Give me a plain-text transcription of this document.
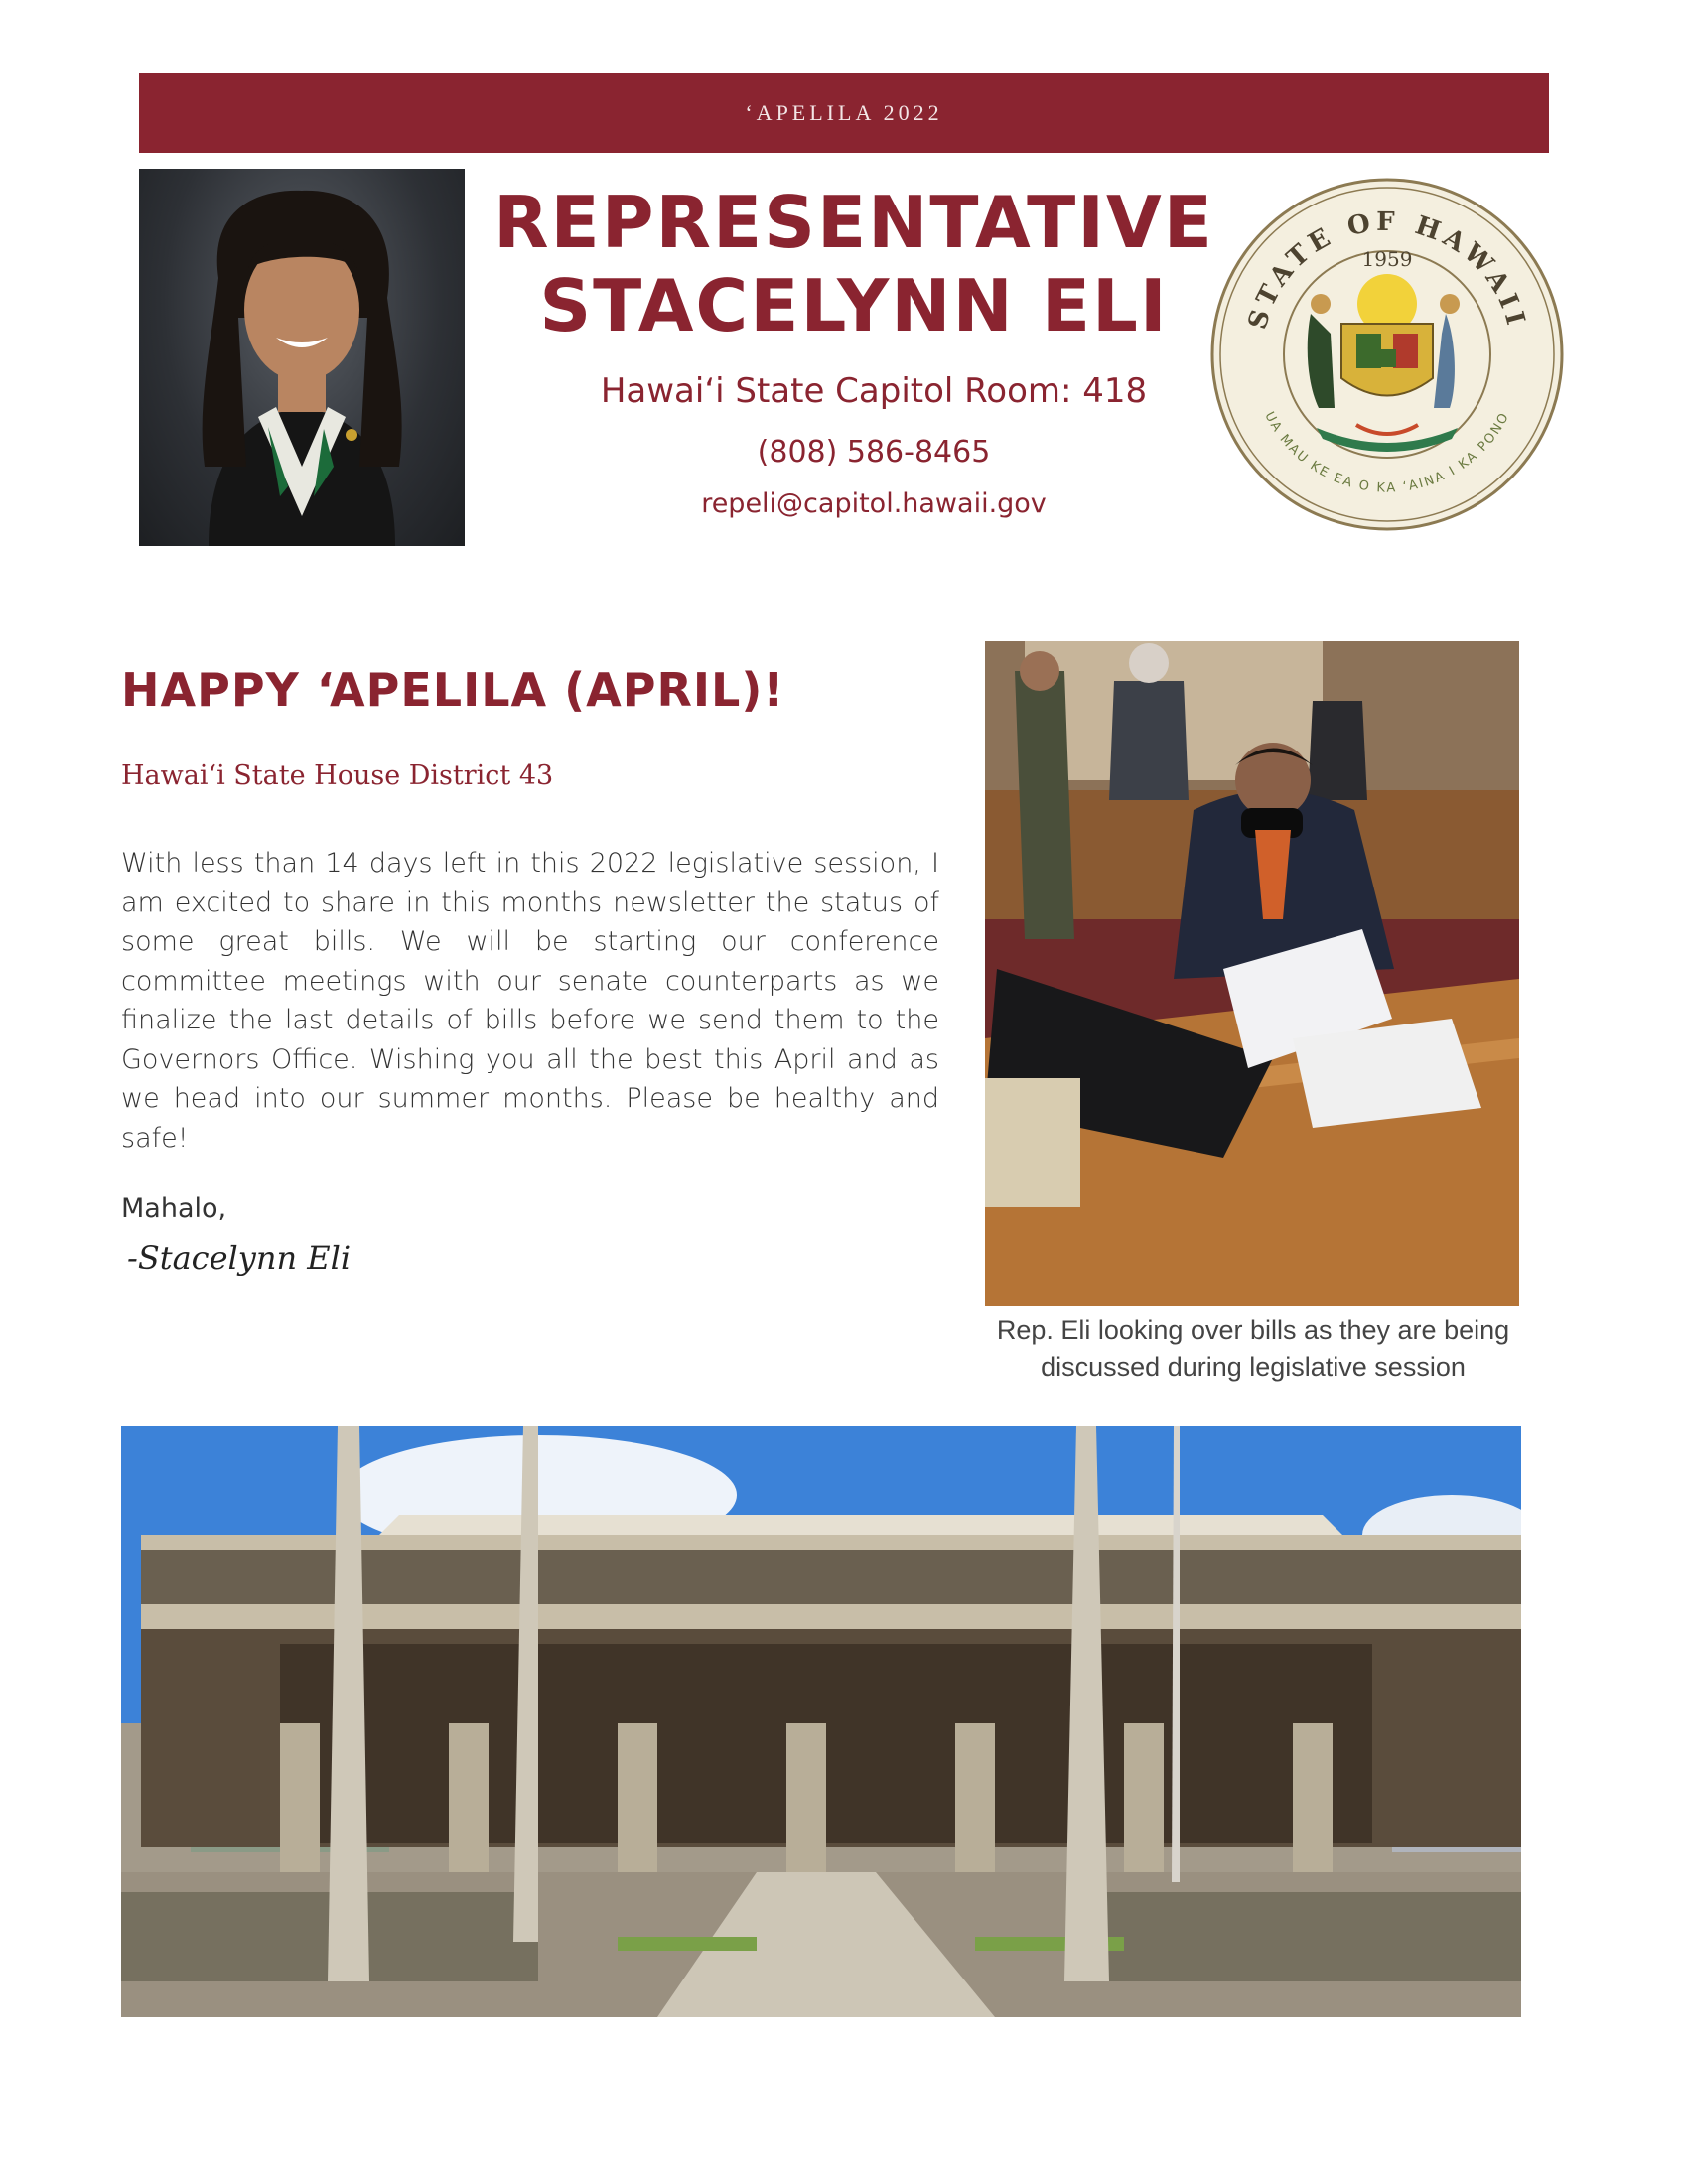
‘APELILA 2022
REPRESENTATIVE
STACELYNN ELI
Hawai‘i State Capitol Room: 418
(808) 586-8465
repeli@capitol.hawaii.gov
STATE OF HAWAII
1959
UA MAU KE EA O KA ʻAINA I KA PONO
HAPPY ‘APELILA (APRIL)!
Hawai‘i State House District 43
With less than 14 days left in this 2022 legislative session, I am excited to share in this months newsletter the status of some great bills. We will be starting our conference committee meetings with our senate counterparts as we finalize the last details of bills before we send them to the Governors Office. Wishing you all the best this April and as we head into our summer months. Please be healthy and safe!
Mahalo,
-Stacelynn Eli
Rep. Eli looking over bills as they are being
discussed during legislative session
